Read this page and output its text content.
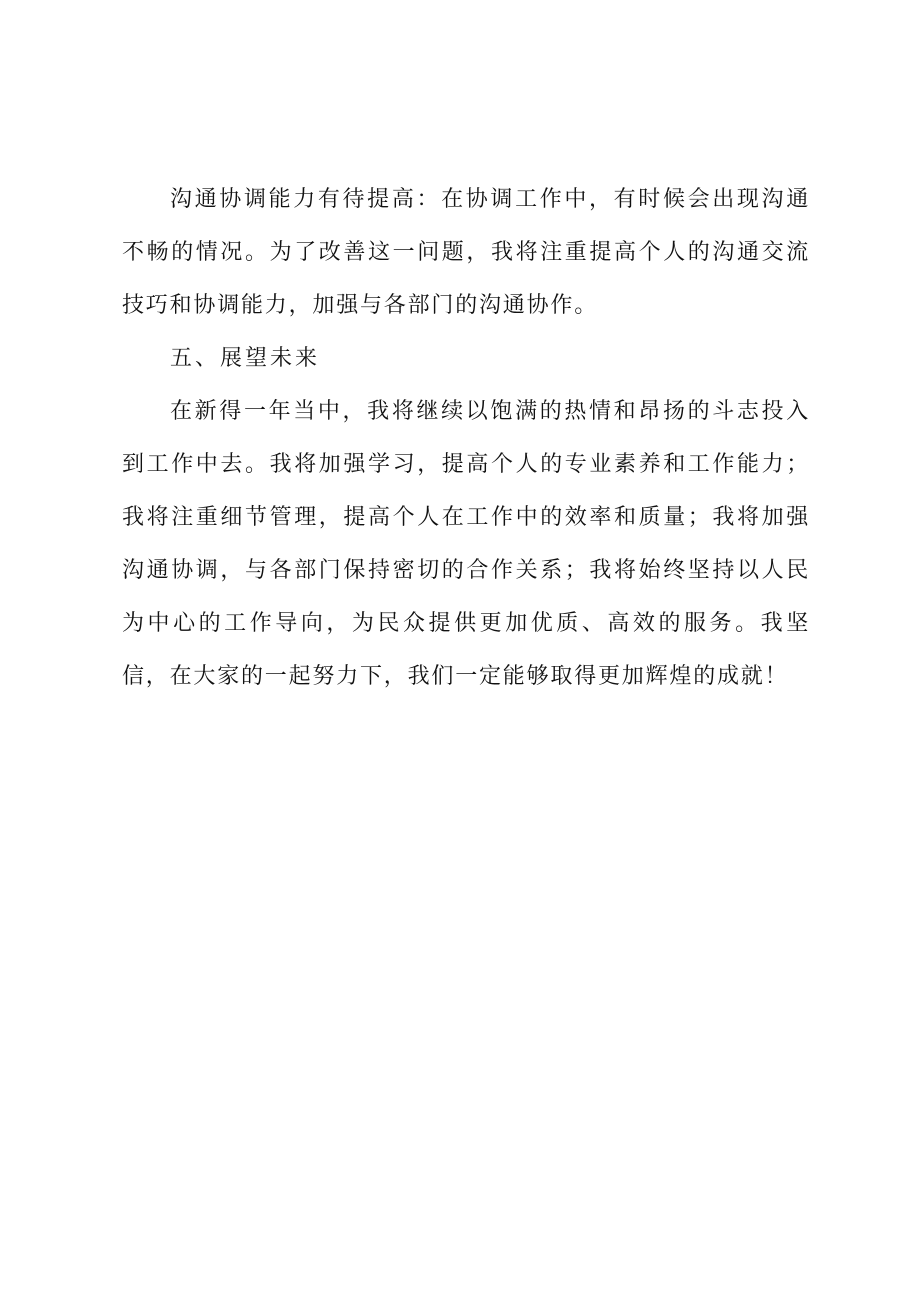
沟通协调能力有待提高：在协调工作中，有时候会出现沟通不畅的情况。为了改善这一问题，我将注重提高个人的沟通交流技巧和协调能力，加强与各部门的沟通协作。

五、展望未来

在新得一年当中，我将继续以饱满的热情和昂扬的斗志投入到工作中去。我将加强学习，提高个人的专业素养和工作能力；我将注重细节管理，提高个人在工作中的效率和质量；我将加强沟通协调，与各部门保持密切的合作关系；我将始终坚持以人民为中心的工作导向，为民众提供更加优质、高效的服务。我坚信，在大家的一起努力下，我们一定能够取得更加辉煌的成就！
